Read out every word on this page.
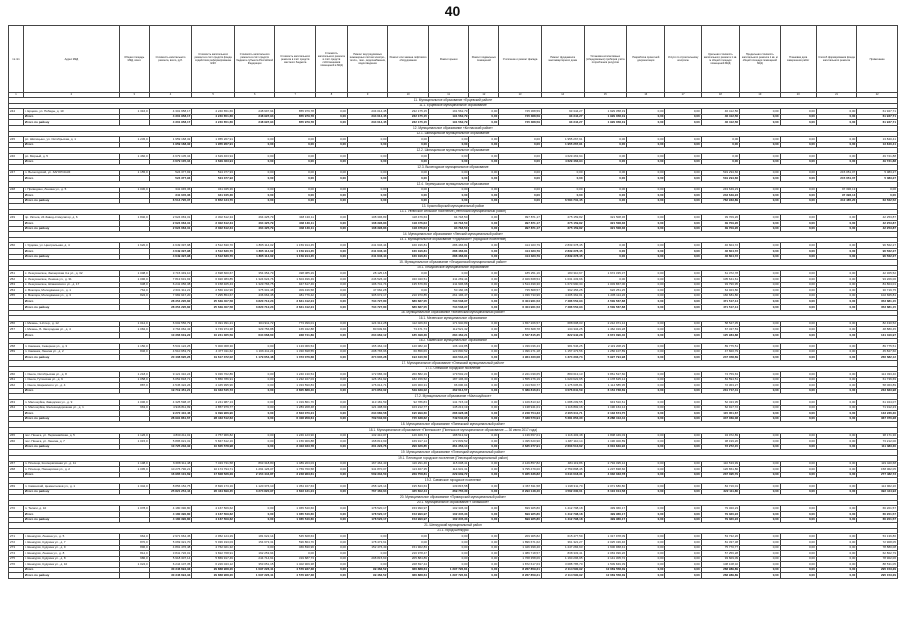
40
№ п/п	Адрес МКД	Общая площадь МКД, всего	Стоимость капитального ремонта, всего, руб.	Стоимость капитального ремонта в счёт средств фонда содействия реформированию ЖКХ	Стоимость капитального ремонта в счёт средств бюджета субъекта Российской Федерации	Стоимость капитального ремонта в счёт средств местного бюджета	Стоимость капитального ремонта в счёт средств собственников помещений в МКД	Ремонт внутридомовых инженерных систем электро-, тепло-, газо-, водоснабжения, водоотведения	Ремонт или замена лифтового оборудования	Ремонт крыши	Ремонт подвальных помещений	Утепление и ремонт фасада	Ремонт фундамента многоквартирного дома	Установка коллективных (общедомовых) приборов учёта потребления ресурсов	Разработка проектной документации	Услуги по строительному контролю	Удельная стоимость капитального ремонта 1 кв. м общей площади помещений МКД	Предельная стоимость капитального ремонта 1 кв. м общей площади помещений МКД	Плановая дата завершения работ	Способ формирования фонда капитального ремонта	Примечание
1	2	3	4	5	6	7	8	9	10	11	12	13	14	15	16	17	18	19	20	21	22
11. Муниципальное образование «Ерцевский район»																					
11.1. Ерцевское муниципальное образование																					
244	г. Ерцево, ул. Победы, д. 10	1 316,0	4 301 958,17	4 240 651,66	248 997,94	855 979,78	0,00	234 014,45	232 175,15	191 562,79	0,00	745 368,59	93 344,27	1 929 358,19	0,00	0,00	46 412,56	0,00	0,00	0,00	61 927,71
	Итого		4 301 958,17	4 240 651,66	248 997,94	855 979,78	0,00	234 014,45	232 175,15	191 562,79	0,00	745 368,59	93 344,27	1 929 358,19	0,00	0,00	46 412,56	0,00	0,00	0,00	61 927,71
	Итого по району		4 301 958,17	4 240 651,66	248 997,94	855 979,78	0,00	234 014,45	232 175,15	191 562,79	0,00	745 368,59	93 344,27	1 929 358,19	0,00	0,00	46 412,56	0,00	0,00	0,00	61 927,71
12. Муниципальное образование «Котласский район»																					
12.1. Шипицынское муниципальное образование																					
245	рп. Шипицыно, ул. Октябрьская, д. 1	1 245,0	1 959 168,32	1 955 267,91	0,00	0,00	0,00	0,00	0,00	0,00	0,00	0,00	1 955 267,91	0,00	0,00	0,00	0,00	0,00	0,00	0,00	13 840,41
	Итого		1 959 168,32	1 955 267,91	0,00	0,00	0,00	0,00	0,00	0,00	0,00	0,00	1 955 267,91	0,00	0,00	0,00	0,00	0,00	0,00	0,00	13 840,41
12.2. Шипицынское муниципальное образование																					
246	рп. Мирный, д. 5	1 460,0	4 679 105,34	4 629 463,94	0,00	0,00	0,00	0,00	0,00	0,00	0,00	0,00	4 629 463,94	0,00	0,00	0,00	0,00	0,00	0,00	0,00	49 721,88
	Итого		4 679 105,34	4 629 463,94	0,00	0,00	0,00	0,00	0,00	0,00	0,00	0,00	4 629 463,94	0,00	0,00	0,00	0,00	0,00	0,00	0,00	49 721,88
12.3. Вычегодское муниципальное образование																					
247	п. Вычегодский, ул. ЗАГОРСКАЯ	1 155,0	524 377,93	524 377,93	0,00	0,00	0,00	0,00	0,00	0,00	0,00	0,00	0,00	0,00	0,00	0,00	519 294,66	0,00	0,00	215 051,07	5 083,27
	Итого		524 377,93	524 377,93	0,00	0,00	0,00	0,00	0,00	0,00	0,00	0,00	0,00	0,00	0,00	0,00	519 294,66	0,00	0,00	215 051,07	5 083,27
12.4. Черемушское муниципальное образование																					
248	г. Приводино, Ленина ул., д. 5	1 030,0	341 045,36	341 045,36	0,00	0,00	0,00	0,00	0,00	0,00	0,00	0,00	0,00	0,00	0,00	0,00	243 649,23	0,00	0,00	97 396,13	0,00
	Итого		341 045,36	341 045,36	0,00	0,00	0,00	0,00	0,00	0,00	0,00	0,00	0,00	0,00	0,00	0,00	243 649,23	0,00	0,00	97 396,13	0,00
	Итого по району		6 514 795,37	6 852 134,70	0,00	0,00	0,00	0,00	0,00	0,00	0,00	0,00	6 584 731,45	0,00	0,00	0,00	762 933,89	0,00	0,00	312 485,20	63 562,52
13. Красноборский муниципальный район																					
13.1. Увтюгское сельское поселение (Увтюгский муниципальный район)																					
249	пр. Увтюга, 24 Завод-стимулатор, д. 6	1 840,0	2 624 063,31	2 302 612,34	464 425,79	348 130,11	0,00	108 396,83	118 476,63	94 718,50	0,00	997 871,17	275 159,82	321 508,36	0,00	0,00	39 709,26	0,00	0,00	0,00	42 253,87
	Итого		2 624 063,31	2 302 612,34	464 425,79	348 130,11	0,00	108 396,83	118 476,63	94 718,50	0,00	997 871,17	275 159,82	321 508,36	0,00	0,00	39 709,26	0,00	0,00	0,00	42 253,87
	Итого по району		2 624 063,31	2 302 612,34	464 425,79	348 130,11	0,00	108 396,83	118 476,63	94 718,50	0,00	997 871,17	275 159,82	321 508,36	0,00	0,00	39 709,26	0,00	0,00	0,00	42 253,87
14. Муниципальное образование «Ленский муниципальный район»																					
14.1. Муниципальное образование «Урдомское» (городское поселение)																					
250	г. Урдома, ул. Центральная, д. 4	1 620,0	4 649 397,98	4 512 630,70	1 865 114,02	1 159 914,45	0,00	241 646,44	160 196,81	286 466,81	0,00	414 323,79	2 839 378,45	0,00	0,00	0,00	46 604,72	0,00	0,00	0,00	96 562,27
	Итого		4 649 397,98	4 512 630,70	1 865 114,02	1 159 914,45	0,00	241 646,44	160 196,81	286 466,81	0,00	414 323,79	2 839 378,45	0,00	0,00	0,00	46 604,72	0,00	0,00	0,00	96 562,27
	Итого по району		4 649 397,98	4 512 630,70	1 865 114,02	1 159 914,45	0,00	241 646,44	160 196,81	286 466,81	0,00	414 323,79	2 839 378,45	0,00	0,00	0,00	46 604,72	0,00	0,00	0,00	96 562,27
15. Муниципальное образование «Лешуконский муниципальный район»																					
15.1. Лешуконское муниципальное образование																					
251	с. Лешуконское, Заозерская 3-я ул., д. 32	1 008,0	3 715 349,10	2 698 660,67	354 354,79	498 085,29	0,00	28 125,18	0,00	0,00	0,00	185 251,16	183 310,67	1 674 335,37	0,00	0,00	61 372,78	0,00	0,00	0,00	42 305,52
252	с. Лешуконское, Ленина ул., д. 31	1 096,0	7 813 631,93	6 920 383,85	1 324 624,76	1 604 496,49	0,00	246 526,43	340 040,51	211 269,44	0,00	2 929 668,54	1 031 433,66	0,00	0,00	0,00	105 641,61	0,00	0,00	0,00	93 206,06
253	с. Лешуконское, Шпаковского ул., д. 17	938,0	6 241 056,38	6 158 405,43	1 329 766,75	947 617,46	0,00	106 741,74	135 676,69	211 906,68	0,00	1 514 499,30	1 673 990,34	1 003 867,00	0,00	0,00	93 796,95	0,00	0,00	0,00	84 804,01
254	с. Вожгора, Молодёжная ул., д. 1	764,0	2 601 311,21	2 566 102,96	375 301,48	309 436,58	0,00	47 662,28	0,00	50 166,38	0,00	735 808,57	392 456,25	626 251,25	0,00	0,00	64 023,80	0,00	0,00	0,00	30 719,75
255	с. Вожгора, Молодёжная ул., д. 3	822,0	7 982 947,20	7 295 854,67	436 664,45	481 776,42	0,00	305 672,17	210 970,85	261 196,47	0,00	1 039 733,96	4 205 362,01	1 205 114,26	0,00	0,00	166 681,80	0,00	0,00	0,00	102 845,81
	Итого		28 354 295,82	25 639 407,58	3 820 712,23	3 841 412,24	0,00	734 727,80	686 687,05	734 538,97	0,00	6 404 961,53	7 486 552,93	4 509 567,88	0,00	0,00	471 517,14	0,00	0,00	0,00	353 881,15
	Итого по району		28 354 295,82	25 639 407,58	3 820 712,23	3 841 412,24	0,00	734 727,80	686 687,05	734 538,97	0,00	6 404 961,53	7 486 552,93	4 509 567,88	0,00	0,00	471 517,14	0,00	0,00	0,00	353 881,15
16. Муниципальное образование «Мезенский муниципальный район»																					
16.1. Мезенское муниципальное образование																					
256	г. Мезень, 1-й пер., д. 12	1 012,0	6 602 556,79	6 491 391,21	304 911,72	773 399,01	0,00	124 312,28	112 026,63	171 940,89	0,00	1 657 206,57	688 608,03	2 212 071,12	0,00	0,00	58 547,35	0,00	0,00	0,00	82 430,52
257	г. Мезень, Б. Загородная ул., д. 4	1 084,0	3 764 062,43	3 749 974,38	329 756,88	165 342,88	0,00	80 649,84	73 471,73	112 521,32	0,00	870 608,78	134 334,25	1 462 019,28	0,00	0,00	67 437,53	0,00	0,00	0,00	48 880,45
	Итого		10 366 619,22	10 241 365,59	634 668,60	938 741,89	0,00	204 962,12	185 498,36	284 462,21	0,00	2 527 815,35	822 942,28	3 674 090,40	0,00	0,00	125 984,88	0,00	0,00	0,00	131 310,97
16.2. Каменское муниципальное образование																					
258	п. Каменка, Северная ул., д. 3	1 150,0	5 531 122,25	5 000 068,30	0,00	1 133 066,54	0,00	165 464,19	120 082,10	136 143,85	0,00	1 339 036,43	381 546,25	2 119 208,29	0,00	0,00	89 775,51	0,00	0,00	0,00	89 775,51
259	п. Каменка, Ленина ул., д. 2	846,0	4 510 953,79	4 377 011,62	1 166 411,24	1 330 698,55	0,00	208 765,96	60 859,66	123 800,52	0,00	1 096 271,18	1 157 473,56	1 250 107,89	0,00	0,00	47 820,79	0,00	0,00	0,00	45 827,60
	Итого по району		20 408 695,26	19 617 372,02	1 179 654,48	1 073 076,68	0,00	374 635,28	193 340,58	494 534,24	0,00	4 964 460,08	1 374 303,73	5 927 794,98	0,00	0,00	247 358,69	0,00	0,00	0,00	266 682,12
17. Муниципальное образование «Онежский муниципальный район»																					
17.1. Онежское городское поселение																					
260	г. Онега, Октябрьская ул., д. 8	1 218,0	9 121 310,24	9 036 762,86	0,00	1 240 130,54	0,00	172 686,39	260 882,19	179 502,23	0,00	2 221 039,65	880 613,13	3 861 527,60	0,00	0,00	74 759,63	0,00	0,00	0,00	114 033,40
261	г. Онега, Гутинская ул., д. 9	1 058,0	6 052 818,71	5 850 786,91	0,00	1 232 167,03	0,00	126 151,92	182 156,52	187 106,30	0,00	1 555 276,19	1 020 622,65	1 178 625,14	0,00	0,00	84 594,51	0,00	0,00	0,00	61 736,69
262	г. Онега, Шаревского ул., д. 4	887,0	4 545 322,26	4 445 995,96	0,00	1 333 590,83	0,00	176 014,71	106 300,31	96 006,04	0,00	1 313 500,77	1 175 605,81	1 114 585,95	0,00	0,00	72 363,27	0,00	0,00	0,00	58 063,89
	Итого		19 719 451,21	19 333 545,73	0,00	3 805 888,40	0,00	474 852,02	549 339,02	462 614,57	0,00	5 089 816,61	3 076 841,59	6 154 738,69	0,00	0,00	231 717,41	0,00	0,00	0,00	233 833,98
17.2. Муниципальное образование «Малошуйское»																					
263	п. Малошуйка, Заводская ул., д. 9	1 006,0	4 325 598,47	4 241 987,13	0,00	1 319 861,76	0,00	113 181,59	92 786,83	141 715,19	0,00	1 109 813,32	1 088 209,55	943 510,61	0,00	0,00	52 433,95	0,00	0,00	0,00	61 324,07
264	п. Малошуйка, Железнодорожная ул., д. 1	963,0	4 946 811,99	4 857 979,77	0,00	1 283 208,48	0,00	121 498,99	103 212,77	145 213,19	0,00	1 138 941,01	1 116 802,16	1 190 164,14	0,00	0,00	62 917,72	0,00	0,00	0,00	71 912,23
	Итого		9 272 410,46	9 099 966,90	0,00	2 603 070,24	0,00	234 680,58	195 999,60	286 928,38	0,00	2 248 754,33	2 205 011,71	2 133 674,75	0,00	0,00	115 351,67	0,00	0,00	0,00	133 236,30
	Итого по району		28 991 861,67	28 433 512,63	0,00	6 408 958,64	0,00	709 532,60	745 338,62	749 542,95	0,00	7 338 570,94	5 281 853,30	8 288 413,44	0,00	0,00	347 069,08	0,00	0,00	0,00	367 070,28
18. Муниципальное образование «Пинежский муниципальный район»																					
18.1. Муниципальное образование «Пинежское» (Пинежское муниципальное образование — 30 июня 2017 года)																					
265	пос. Пинега, ул. Первомайская, д. 5	1 126,0	4 830 211,01	4 757 966,82	0,00	1 246 123,90	0,00	132 410,07	126 409,71	188 513,62	0,00	1 139 657,01	1 116 403,48	1 808 449,03	0,00	0,00	34 072,89	0,00	0,00	0,00	38 171,30
266	пос. Пинега, ул. Ленина, д. 7	1 015,0	5 895 021,31	5 847 612,16	0,00	1 156 909,88	0,00	168 813,69	169 917,14	172 839,52	0,00	1 495 620,90	1 487 110,14	1 196 400,89	0,00	0,00	38 199,26	0,00	0,00	0,00	73 212,00
	Итого по району		10 725 232,32	10 605 578,98	0,00	2 403 033,78	0,00	301 223,76	296 326,85	361 353,14	0,00	2 635 277,91	2 603 513,62	3 004 849,92	0,00	0,00	72 272,15	0,00	0,00	0,00	111 383,30
19. Муниципальное образование «Плесецкий муниципальный район»																					
19.1. Плесецкое городское поселение (Плесецкий муниципальный район)																					
267	п. Плесецк, Кооперативная ул., д. 11	1 108,0	6 688 311,48	7 433 731,58	863 318,80	1 489 203,03	0,00	167 464,43	116 291,46	115 008,41	0,00	2 129 857,82	484 119,86	2 794 495,12	0,00	0,00	110 533,99	0,00	0,00	0,00	119 420,68
268	п. Плесецк, Пионерская ул., д. 2	1 095,0	10 276 790,21	10 174 794,71	1 291 126,07	1 759 760,58	0,00	341 870,07	113 467,35	114 931,31	0,00	3 795 479,00	2 759 898,45	1 237 838,66	0,00	0,00	126 861,80	0,00	0,00	0,00	158 062,05
	Итого		16 965 101,69	17 608 526,29	2 154 444,87	3 248 963,61	0,00	509 334,50	229 758,81	229 939,72	0,00	5 925 336,82	3 244 018,31	4 032 333,78	0,00	0,00	237 395,79	0,00	0,00	0,00	277 482,73
19.2. Савинское городское поселение																					
269	п. Савинский, Цементников ул., д. 1	1 342,0	8 856 152,75	8 826 173,16	1 120 376,10	1 354 167,63	0,00	258 126,14	195 843,63	139 815,58	0,00	2 367 811,58	1 318 311,70	2 071 680,80	0,00	0,00	84 716,01	0,00	0,00	0,00	114 962,20
	Итого по району		25 821 254,44	26 434 699,45	3 274 820,97	4 603 131,24	0,00	767 460,64	425 602,44	369 755,30	0,00	8 293 148,40	4 562 330,01	6 104 014,58	0,00	0,00	322 111,80	0,00	0,00	0,00	392 444,93
20. Муниципальное образование «Приморский муниципальный район»																					
20.1. Муниципальное образование «Талажское»																					
270	п. Талаги, д. 10	1 078,0	4 180 390,80	4 167 509,62	0,00	1 065 540,60	0,00	178 520,17	153 990,97	102 345,33	0,00	699 925,80	1 412 798,18	499 966,17	0,00	0,00	79 320,23	0,00	0,00	0,00	66 201,57
	Итого		4 180 390,80	4 167 509,62	0,00	1 065 540,60	0,00	178 520,17	153 990,97	102 345,33	0,00	699 925,80	1 412 798,18	499 966,17	0,00	0,00	79 320,23	0,00	0,00	0,00	66 201,57
	Итого по району		4 180 390,80	4 167 509,62	0,00	1 065 540,60	0,00	178 520,17	153 990,97	102 345,33	0,00	699 925,80	1 412 798,18	499 966,17	0,00	0,00	79 320,23	0,00	0,00	0,00	66 201,57
21. Шенкурский муниципальный район																					
21.1. город Шенкурск																					
271	г. Шенкурск, Ленина ул., д. 5	964,0	2 971 664,45	2 952 124,29	181 622,14	545 608,63	0,00	0,00	0,00	0,00	0,00	209 905,82	615 477,59	1 317 978,09	0,00	0,00	53 732,26	0,00	0,00	0,00	53 136,86
272	г. Шенкурск, Кудрина ул., д. 7	870,0	5 069 321,70	5 036 193,03	154 673,31	596 864,76	0,00	178 473,61	0,00	0,00	0,00	1 896 671,62	361 321,27	2 025 436,46	0,00	0,00	81 337,38	0,00	0,00	0,00	72 908,05
273	г. Шенкурск, Кудрина ул., д. 9	896,0	4 891 476,48	4 762 021,32	0,00	466 830,96	0,00	152 476,49	151 902,83	0,00	0,00	1 426 399,40	1 247 284,63	1 600 968,41	0,00	0,00	75 770,77	0,00	0,00	0,00	78 880,08
274	г. Шенкурск, Ленина ул., д. 8	812,0	3 841 726,01	3 822 768,91	162 253,94	0,00	0,00	0,00	216 978,47	0,00	0,00	1 089 718,57	838 333,41	2 063 096,26	0,00	0,00	57 256,28	0,00	0,00	0,00	62 802,79
275	г. Шенкурск, Кудрина ул., д. 8	986,0	5 918 307,14	5 869 917,49	244 714,91	319 687,73	0,00	298 815,63	205 884,89	0,00	0,00	1 768 358,06	1 160 296,95	2 141 305,72	0,00	0,00	93 609,09	0,00	0,00	0,00	78 902,06
276	г. Шенкурск, Кудрина ул., д. 10	1 024,0	6 244 107,35	6 226 043,12	353 051,15	1 402 909,38	0,00	0,00	228 697,44	0,00	0,00	1 872 617,63	3 088 785,70	1 509 849,39	0,00	0,00	108 108,32	0,00	0,00	0,00	88 531,05
	Итого		30 346 694,33	29 868 968,20	1 097 226,41	4 576 937,38	0,00	99 463,52	366 888,64	1 297 722,81	0,00	8 267 859,21	2 114 590,92	12 069 558,39	0,00	0,00	268 989,89	0,00	0,00	0,00	295 153,29
	Итого по району		30 346 694,33	29 868 968,20	1 097 226,41	4 576 937,38	0,00	99 463,52	366 888,64	1 297 722,81	0,00	8 267 859,21	2 114 590,92	12 069 558,39	0,00	0,00	268 989,89	0,00	0,00	0,00	295 153,29
